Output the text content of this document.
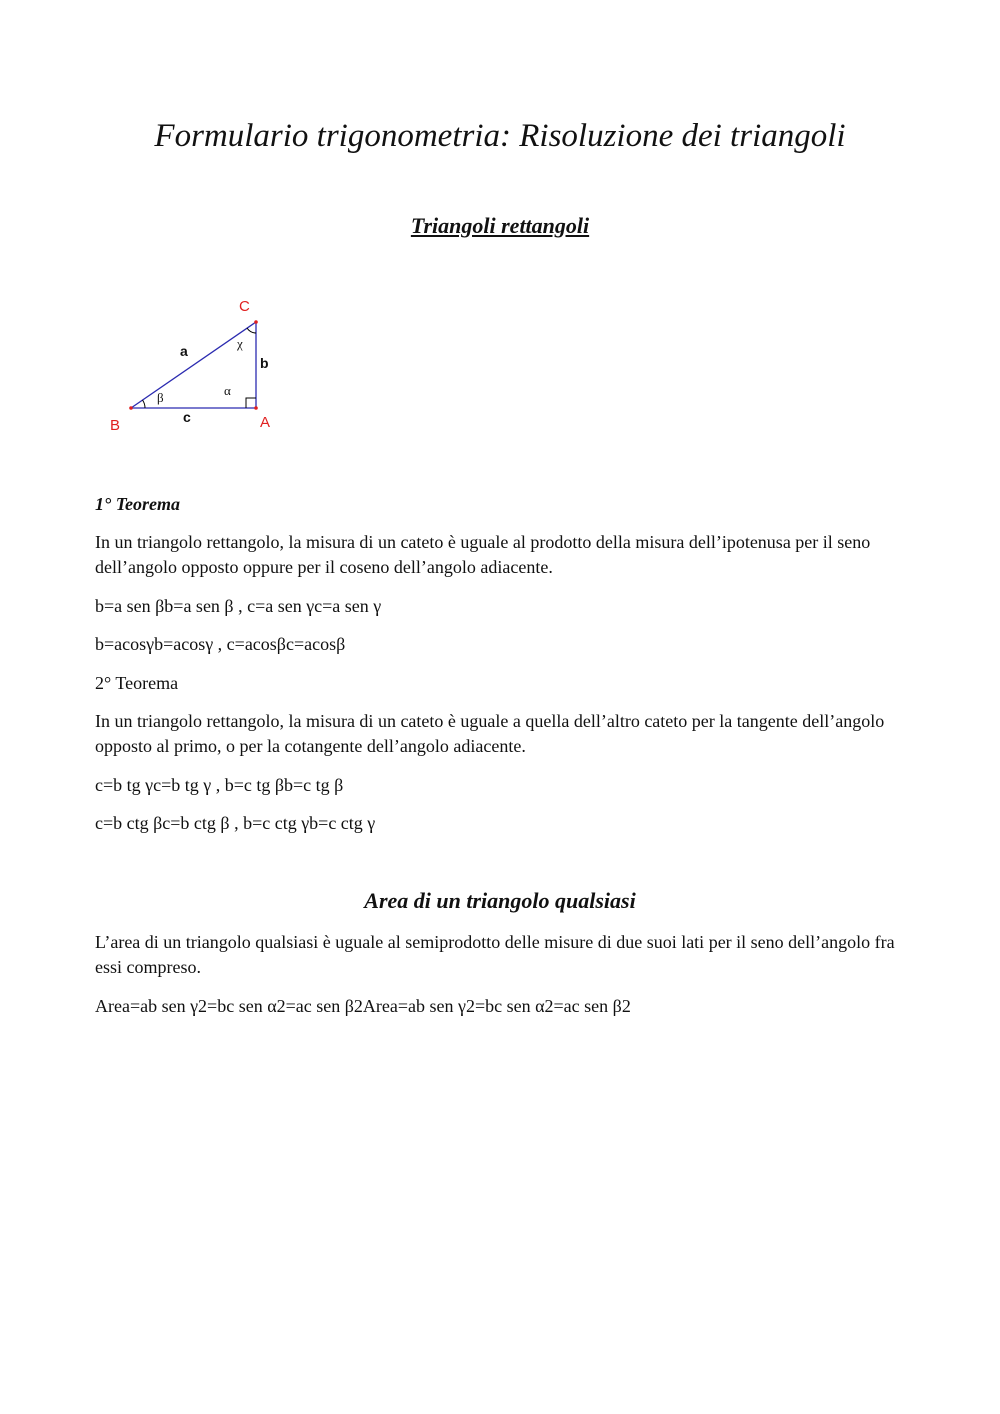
Formulario trigonometria: Risoluzione dei triangoli
Triangoli rettangoli
C
B	A
a
b
c
χ
α
β

1° Teorema

In un triangolo rettangolo, la misura di un cateto è uguale al prodotto della misura dell’ipotenusa per il seno dell’angolo opposto oppure per il coseno dell’angolo adiacente.

b=a sen βb=a sen β , c=a sen γc=a sen γ

b=acosγb=acosγ , c=acosβc=acosβ

2° Teorema

In un triangolo rettangolo, la misura di un cateto è uguale a quella dell’altro cateto per la tangente dell’angolo opposto al primo, o per la cotangente dell’angolo adiacente.

c=b tg γc=b tg γ , b=c tg βb=c tg β

c=b ctg βc=b ctg β , b=c ctg γb=c ctg γ

Area di un triangolo qualsiasi

L’area di un triangolo qualsiasi è uguale al semiprodotto delle misure di due suoi lati per il seno dell’angolo fra essi compreso.

Area=ab sen γ2=bc sen α2=ac sen β2Area=ab sen γ2=bc sen α2=ac sen β2
